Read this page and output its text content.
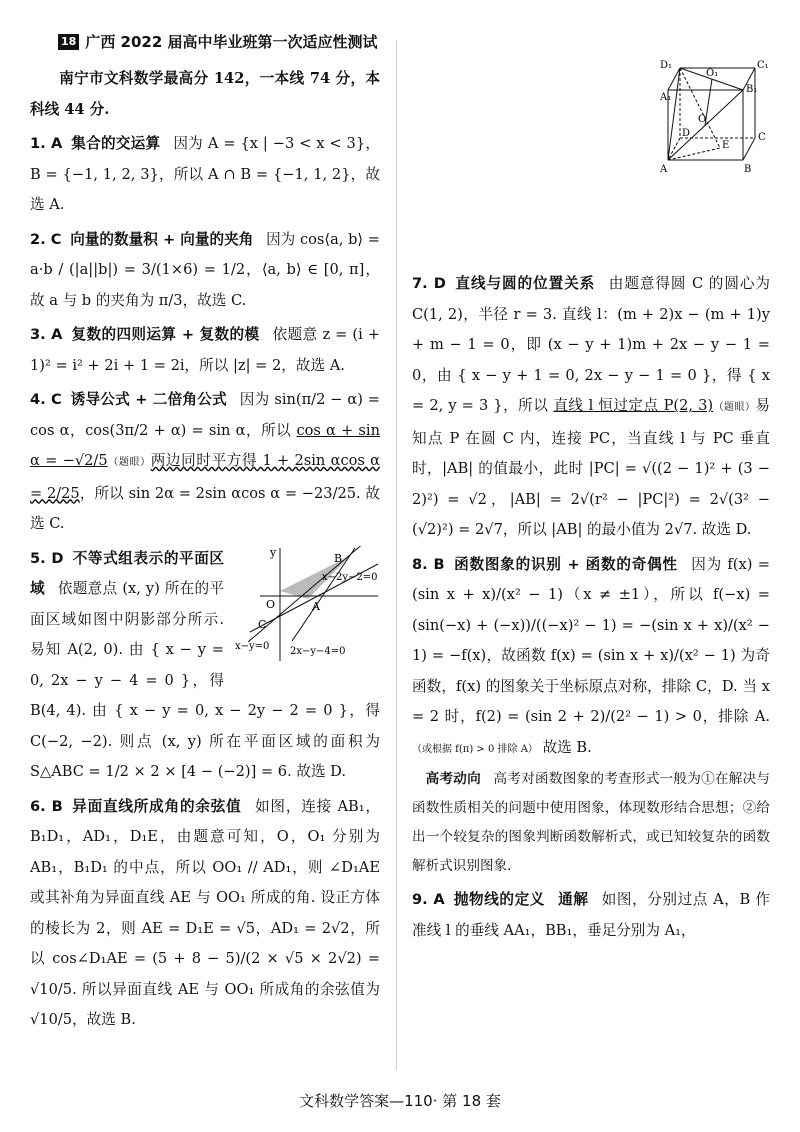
18 广西 2022 届高中毕业班第一次适应性测试

南宁市文科数学最高分 142，一本线 74 分，本科线 44 分.

1. A 集合的交运算 因为 A = {x | −3 < x < 3}，B = {−1, 1, 2, 3}，所以 A ∩ B = {−1, 1, 2}，故选 A.

2. C 向量的数量积 + 向量的夹角 因为 cos⟨a, b⟩ = a·b / (|a||b|) = 3/(1×6) = 1/2，⟨a, b⟩ ∈ [0, π]，故 a 与 b 的夹角为 π/3，故选 C.

3. A 复数的四则运算 + 复数的模 依题意 z = (i + 1)² = i² + 2i + 1 = 2i，所以 |z| = 2，故选 A.

4. C 诱导公式 + 二倍角公式 因为 sin(π/2 − α) = cos α，cos(3π/2 + α) = sin α，所以 cos α + sin α = −√2/5（题眼）两边同时平方得 1 + 2sin αcos α = 2/25，所以 sin 2α = 2sin αcos α = −23/25. 故选 C.

y
O	A
B
C
x−2y−2=0
x−y=0 2x−y−4=0

5. D 不等式组表示的平面区域 依题意点 (x, y) 所在的平面区域如图中阴影部分所示. 易知 A(2, 0). 由 { x − y = 0, 2x − y − 4 = 0 }，得 B(4, 4). 由 { x − y = 0, x − 2y − 2 = 0 }，得 C(−2, −2). 则点 (x, y) 所在平面区域的面积为 S△ABC = 1/2 × 2 × [4 − (−2)] = 6. 故选 D.

6. B 异面直线所成角的余弦值 如图，连接 AB₁，B₁D₁，AD₁，D₁E，由题意可知，O，O₁ 分别为 AB₁，B₁D₁ 的中点，所以 OO₁ // AD₁，则 ∠D₁AE 或其补角为异面直线 AE 与 OO₁ 所成的角. 设正方体的棱长为 2，则 AE = D₁E = √5，AD₁ = 2√2，所以 cos∠D₁AE = (5 + 8 − 5)/(2 × √5 × 2√2) = √10/5. 所以异面直线 AE 与 OO₁ 所成角的余弦值为 √10/5，故选 B.

D₁	C₁
O₁
B₁
A₁
O
D
E
C
A	B

7. D 直线与圆的位置关系 由题意得圆 C 的圆心为 C(1, 2)，半径 r = 3. 直线 l：(m + 2)x − (m + 1)y + m − 1 = 0，即 (x − y + 1)m + 2x − y − 1 = 0，由 { x − y + 1 = 0, 2x − y − 1 = 0 }，得 { x = 2, y = 3 }，所以 直线 l 恒过定点 P(2, 3)（题眼）易知点 P 在圆 C 内，连接 PC，当直线 l 与 PC 垂直时，|AB| 的值最小，此时 |PC| = √((2 − 1)² + (3 − 2)²) = √2，|AB| = 2√(r² − |PC|²) = 2√(3² − (√2)²) = 2√7，所以 |AB| 的最小值为 2√7. 故选 D.

8. B 函数图象的识别 + 函数的奇偶性 因为 f(x) = (sin x + x)/(x² − 1)（x ≠ ±1），所以 f(−x) = (sin(−x) + (−x))/((−x)² − 1) = −(sin x + x)/(x² − 1) = −f(x)，故函数 f(x) = (sin x + x)/(x² − 1) 为奇函数，f(x) 的图象关于坐标原点对称，排除 C，D. 当 x = 2 时，f(2) = (sin 2 + 2)/(2² − 1) > 0，排除 A. （或根据 f(π) > 0 排除 A） 故选 B.

高考动向 高考对函数图象的考查形式一般为①在解决与函数性质相关的问题中使用图象，体现数形结合思想；②给出一个较复杂的图象判断函数解析式，或已知较复杂的函数解析式识别图象.

9. A 抛物线的定义 通解 如图，分别过点 A，B 作准线 l 的垂线 AA₁，BB₁，垂足分别为 A₁，

文科数学答案—110· 第 18 套
